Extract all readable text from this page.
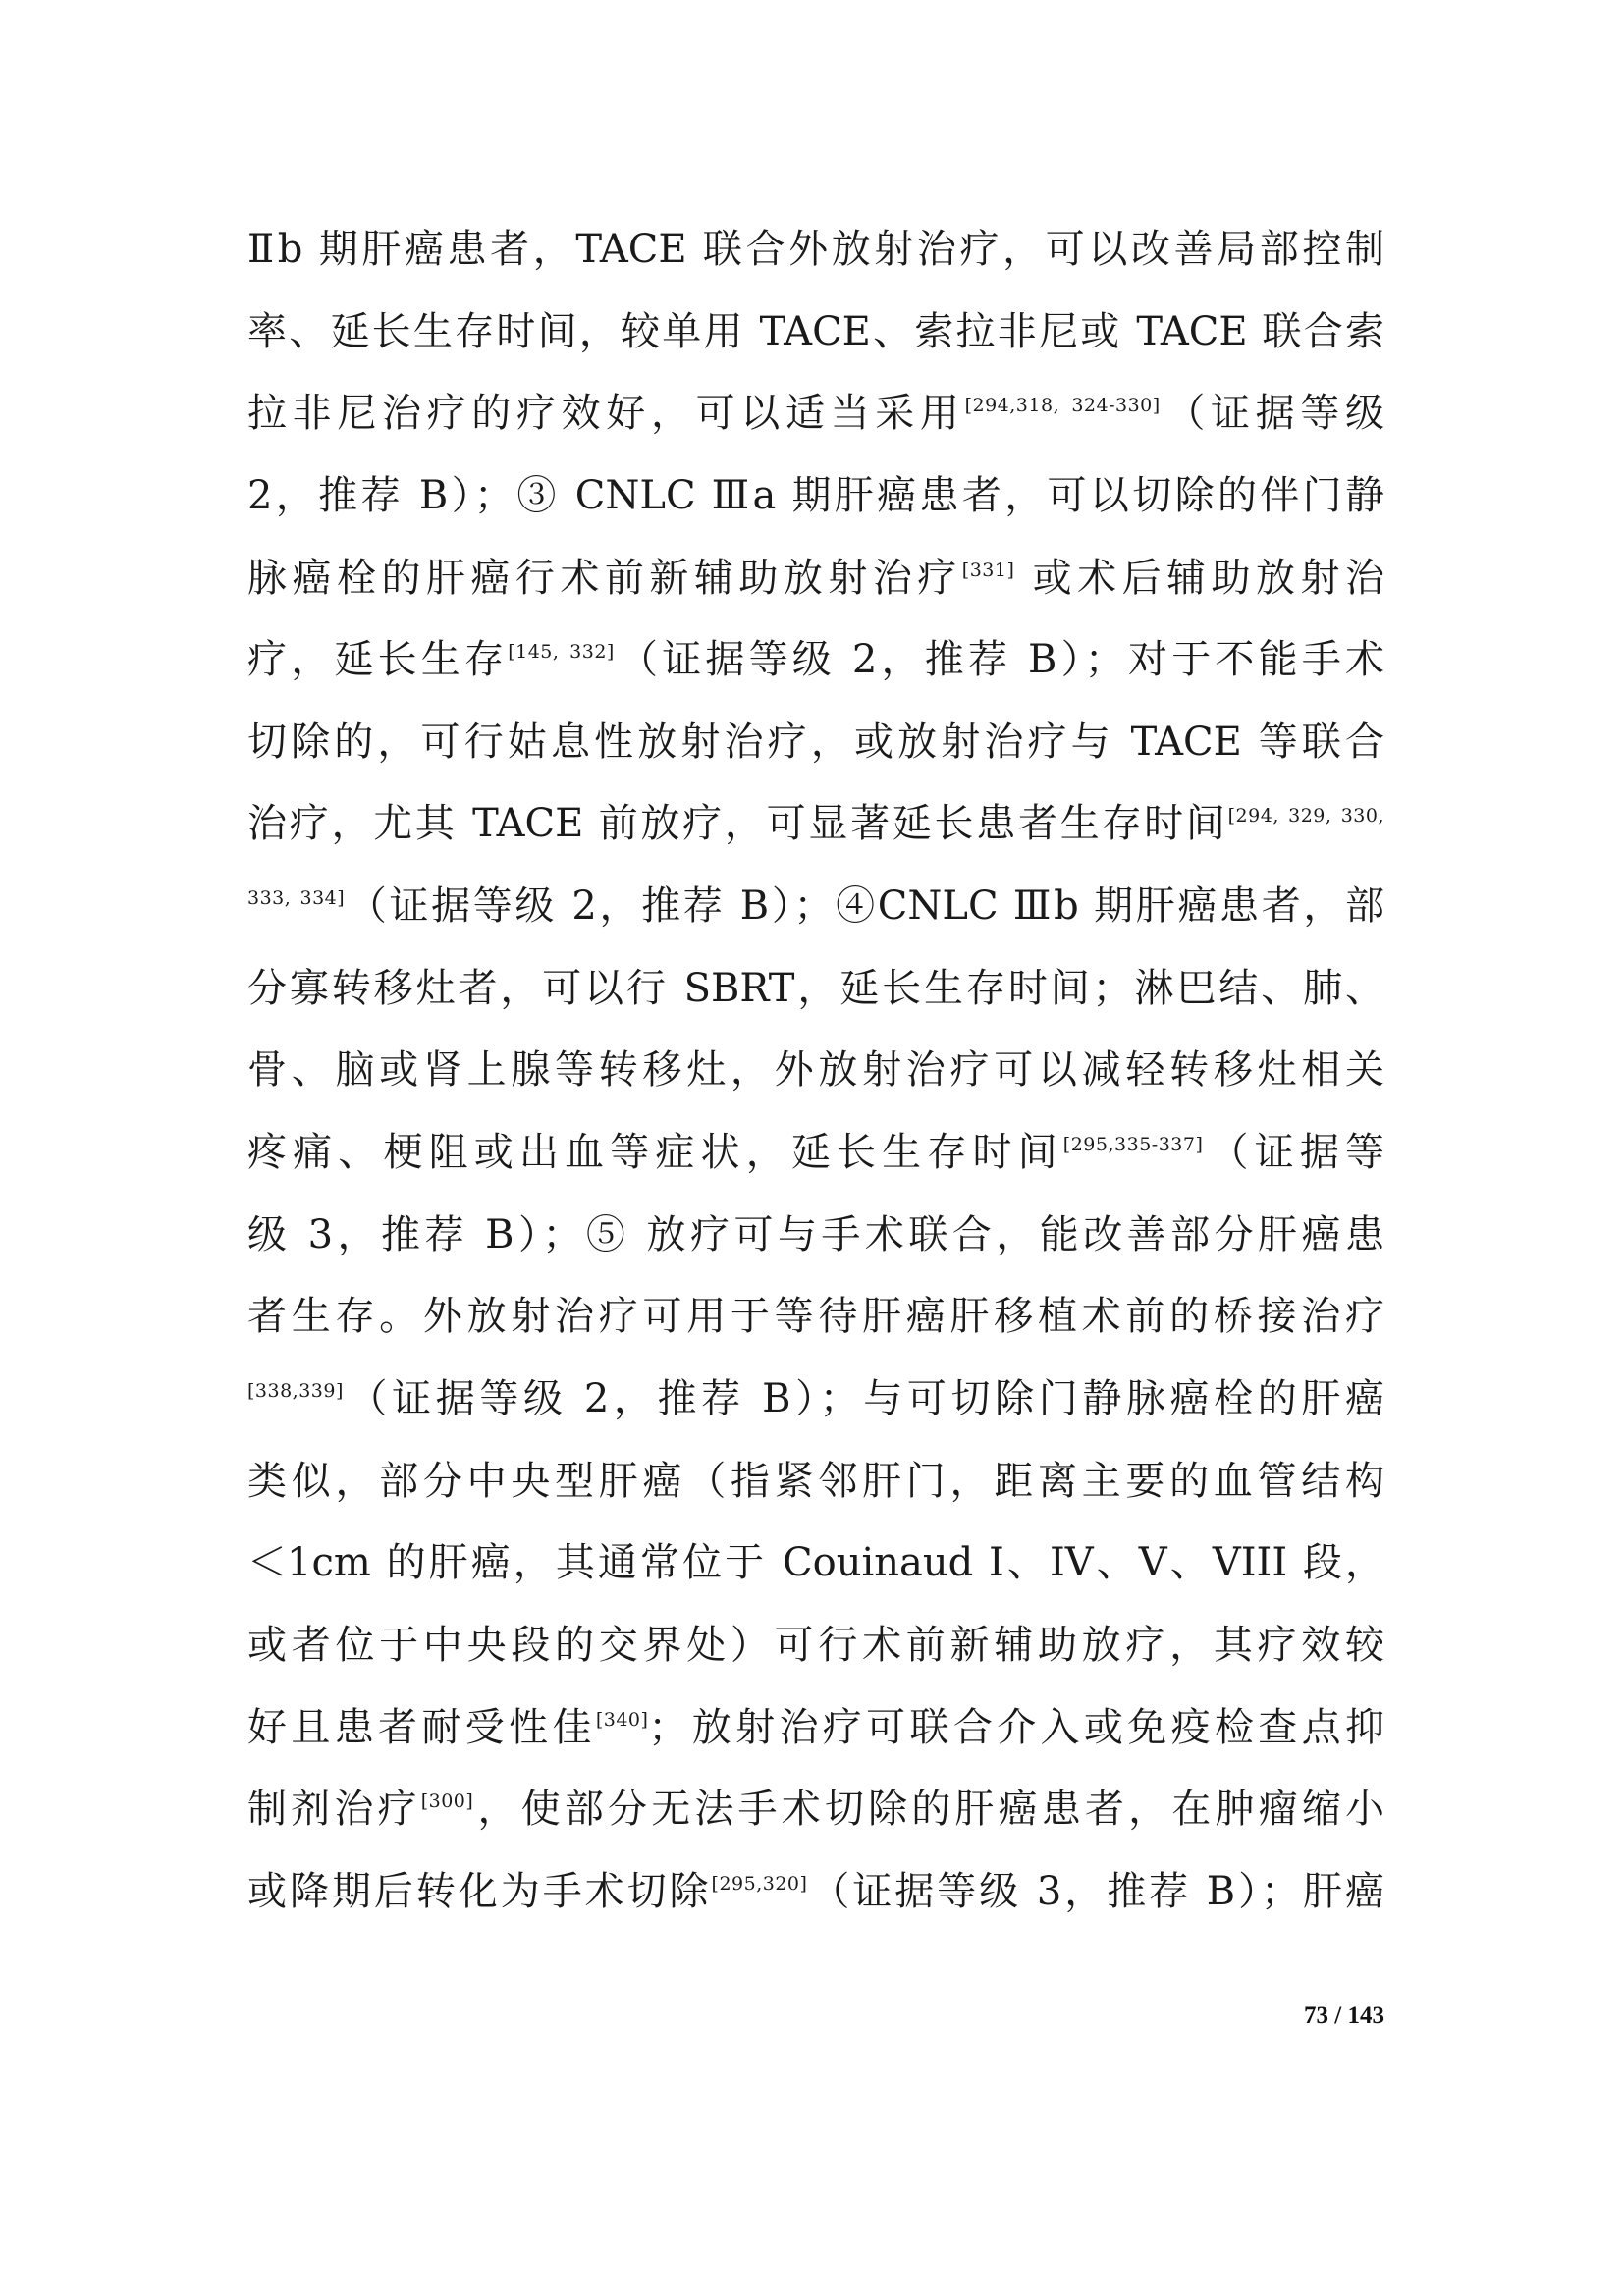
Ⅱb 期肝癌患者，TACE 联合外放射治疗，可以改善局部控制
率、延长生存时间，较单用 TACE、索拉非尼或 TACE 联合索
拉非尼治疗的疗效好，可以适当采用[294,318, 324-330]（证据等级
2，推荐 B）；③ CNLC Ⅲa 期肝癌患者，可以切除的伴门静
脉癌栓的肝癌行术前新辅助放射治疗[331] 或术后辅助放射治
疗，延长生存[145, 332]（证据等级 2，推荐 B）；对于不能手术
切除的，可行姑息性放射治疗，或放射治疗与 TACE 等联合
治疗，尤其 TACE 前放疗，可显著延长患者生存时间$^{[294, 329, 330,}$
$^{333, 334]}$（证据等级 2，推荐 B）；④CNLC Ⅲb 期肝癌患者，部
分寡转移灶者，可以行 SBRT，延长生存时间；淋巴结、肺、
骨、脑或肾上腺等转移灶，外放射治疗可以减轻转移灶相关
疼痛、梗阻或出血等症状，延长生存时间[295,335-337]（证据等
级 3，推荐 B）；⑤ 放疗可与手术联合，能改善部分肝癌患
者生存。外放射治疗可用于等待肝癌肝移植术前的桥接治疗
[338,339]（证据等级 2，推荐 B）；与可切除门静脉癌栓的肝癌
类似，部分中央型肝癌（指紧邻肝门，距离主要的血管结构
＜1cm 的肝癌，其通常位于 Couinaud I、IV、V、VIII 段，
或者位于中央段的交界处）可行术前新辅助放疗，其疗效较
好且患者耐受性佳[340]；放射治疗可联合介入或免疫检查点抑
制剂治疗[300]，使部分无法手术切除的肝癌患者，在肿瘤缩小
或降期后转化为手术切除[295,320]（证据等级 3，推荐 B）；肝癌
73 / 143
